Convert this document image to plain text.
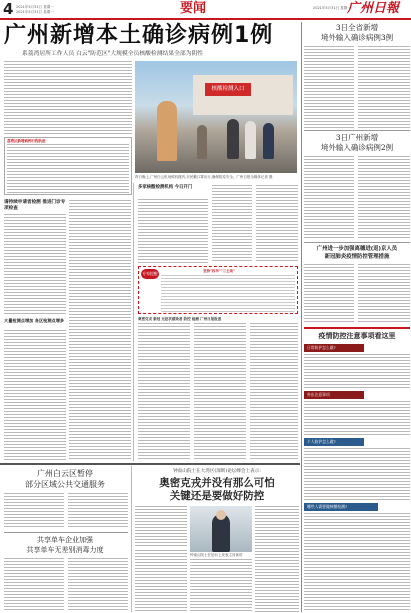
4 2021年5月31日 星期一
2021年5月31日 星期一	要闻	2021年5月31日 星期一
广州日報
广州新增本土确诊病例1例
系荔湾居所工作人员 白云"防范区"大规模全员核酸检测结果全部为阴性
核酸检测入口
昨日晚上,广州白云机场候机楼内,市民戴口罩出行,确保防疫安全。广州日报全媒体记者 摄
荔湾区新增病例行程轨迹
请持续申请者检测 推进门诊专项检查
大量检测点增加 各区检测点增多
多家核酸检测机构 今日开门
专家提醒	坚持"四早""三主动"
奥密克戎 新冠 无症状感染者 防控 检测 广州日报报道
3日全省新增
境外输入确诊病例3例
3日广州新增
境外输入确诊病例2例
广州进一步加强离穗进(返)京人员
新冠肺炎疫情防控管理措施
疫情防控注意事项看这里
日常防护怎么做?
外出注意事项
个人防护怎么做?
哪些人需要做核酸检测?
广州白云区暂停
部分区域公共交通服务
共享单车企业加强
共享单车无差别消毒力度
钟南山院士在大湾区(深圳)论坛峰会上表示:
奥密克戎并没有那么可怕
关键还是要做好防控
钟南山院士在论坛上发表主旨演讲
